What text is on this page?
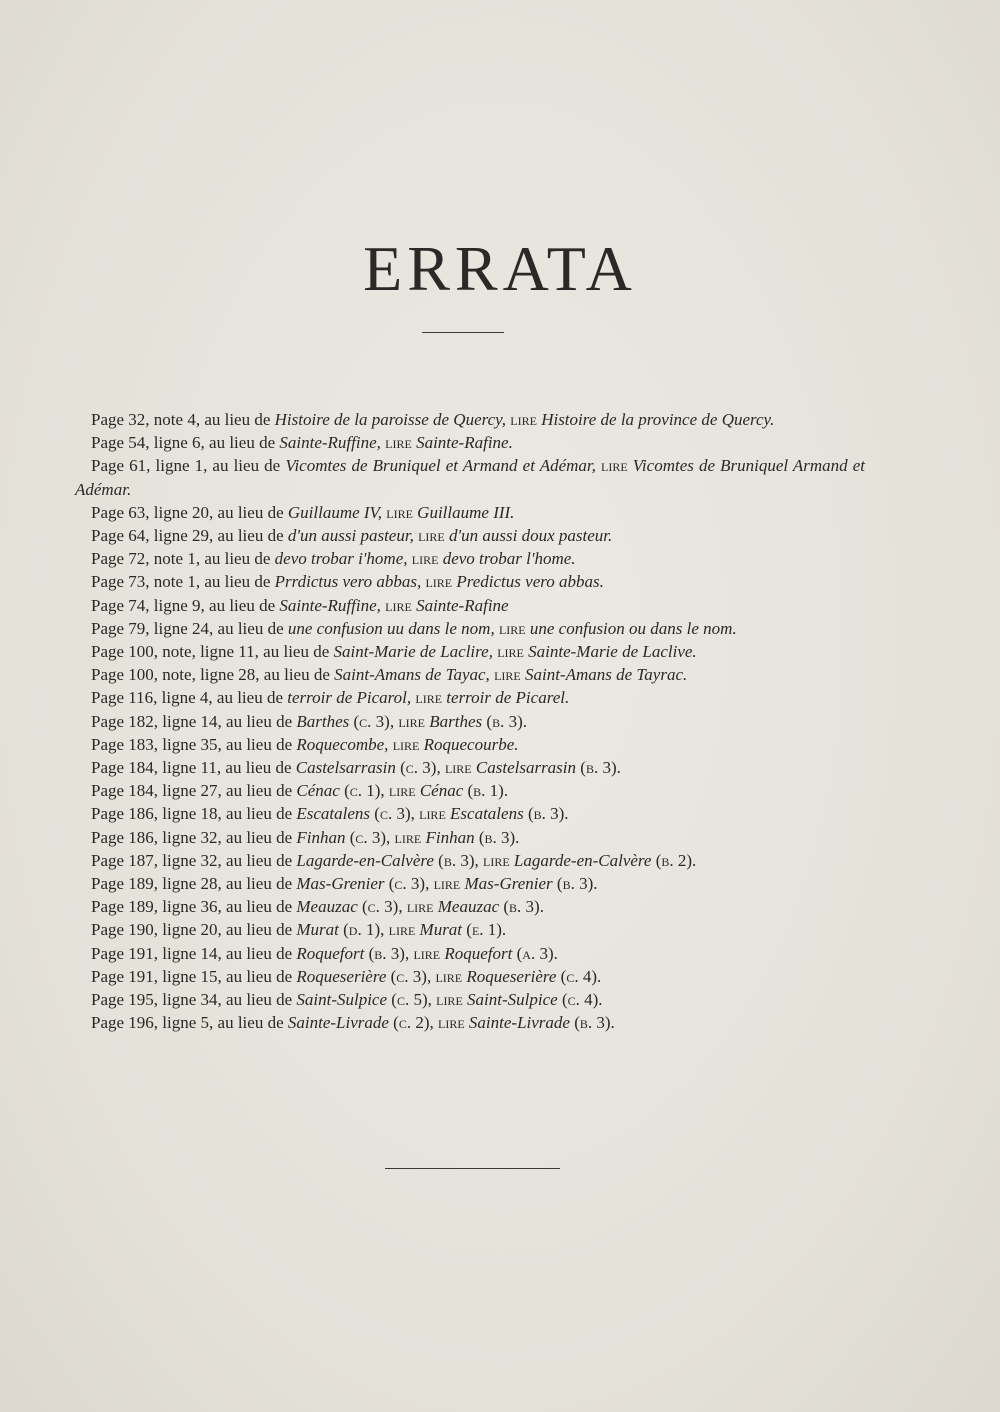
ERRATA
Page 32, note 4, au lieu de Histoire de la paroisse de Quercy, lire Histoire de la province de Quercy.
Page 54, ligne 6, au lieu de Sainte-Ruffine, lire Sainte-Rafine.
Page 61, ligne 1, au lieu de Vicomtes de Bruniquel et Armand et Adémar, lire Vicomtes de Bruniquel Armand et Adémar.
Page 63, ligne 20, au lieu de Guillaume IV, lire Guillaume III.
Page 64, ligne 29, au lieu de d'un aussi pasteur, lire d'un aussi doux pasteur.
Page 72, note 1, au lieu de devo trobar i'home, lire devo trobar l'home.
Page 73, note 1, au lieu de Prrdictus vero abbas, lire Predictus vero abbas.
Page 74, ligne 9, au lieu de Sainte-Ruffine, lire Sainte-Rafine
Page 79, ligne 24, au lieu de une confusion uu dans le nom, lire une confusion ou dans le nom.
Page 100, note, ligne 11, au lieu de Saint-Marie de Laclire, lire Sainte-Marie de Laclive.
Page 100, note, ligne 28, au lieu de Saint-Amans de Tayac, lire Saint-Amans de Tayrac.
Page 116, ligne 4, au lieu de terroir de Picarol, lire terroir de Picarel.
Page 182, ligne 14, au lieu de Barthes (c. 3), lire Barthes (b. 3).
Page 183, ligne 35, au lieu de Roquecombe, lire Roquecourbe.
Page 184, ligne 11, au lieu de Castelsarrasin (c. 3), lire Castelsarrasin (b. 3).
Page 184, ligne 27, au lieu de Cénac (c. 1), lire Cénac (b. 1).
Page 186, ligne 18, au lieu de Escatalens (c. 3), lire Escatalens (b. 3).
Page 186, ligne 32, au lieu de Finhan (c. 3), lire Finhan (b. 3).
Page 187, ligne 32, au lieu de Lagarde-en-Calvère (b. 3), lire Lagarde-en-Calvère (b. 2).
Page 189, ligne 28, au lieu de Mas-Grenier (c. 3), lire Mas-Grenier (b. 3).
Page 189, ligne 36, au lieu de Meauzac (c. 3), lire Meauzac (b. 3).
Page 190, ligne 20, au lieu de Murat (d. 1), lire Murat (e. 1).
Page 191, ligne 14, au lieu de Roquefort (b. 3), lire Roquefort (a. 3).
Page 191, ligne 15, au lieu de Roqueserière (c. 3), lire Roqueserière (c. 4).
Page 195, ligne 34, au lieu de Saint-Sulpice (c. 5), lire Saint-Sulpice (c. 4).
Page 196, ligne 5, au lieu de Sainte-Livrade (c. 2), lire Sainte-Livrade (b. 3).
